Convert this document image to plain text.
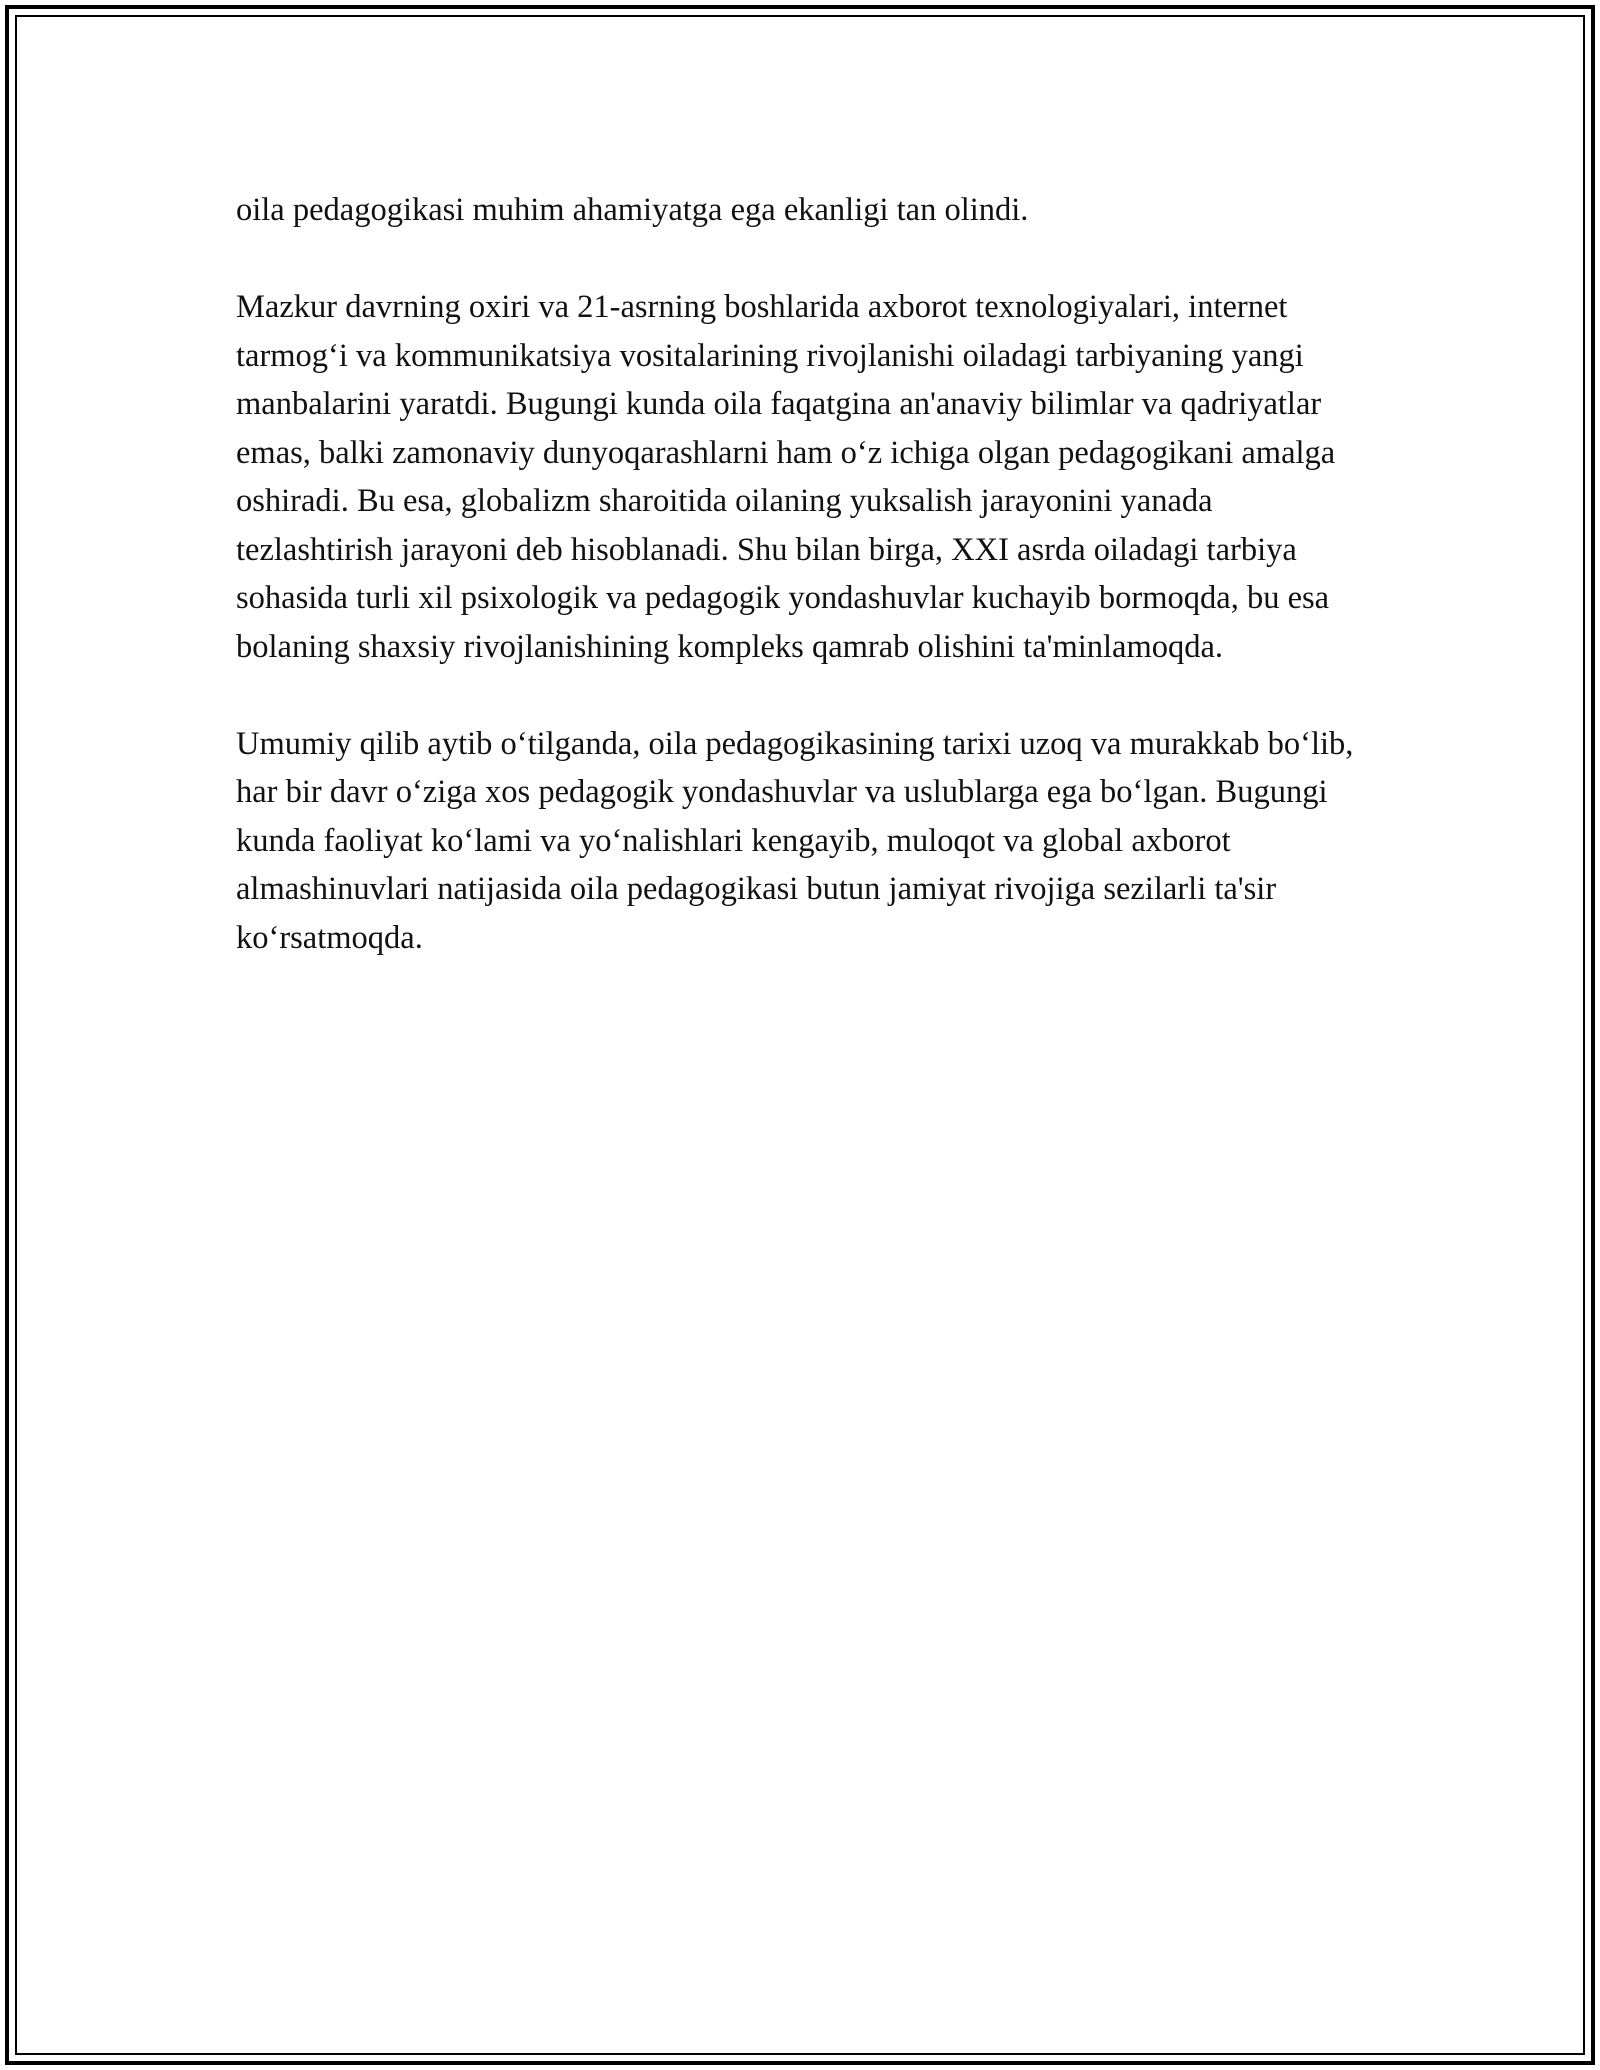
oila pedagogikasi muhim ahamiyatga ega ekanligi tan olindi.

Mazkur davrning oxiri va 21-asrning boshlarida axborot texnologiyalari, internet tarmog‘i va kommunikatsiya vositalarining rivojlanishi oiladagi tarbiyaning yangi manbalarini yaratdi. Bugungi kunda oila faqatgina an'anaviy bilimlar va qadriyatlar emas, balki zamonaviy dunyoqarashlarni ham o‘z ichiga olgan pedagogikani amalga oshiradi. Bu esa, globalizm sharoitida oilaning yuksalish jarayonini yanada tezlashtirish jarayoni deb hisoblanadi. Shu bilan birga, XXI asrda oiladagi tarbiya sohasida turli xil psixologik va pedagogik yondashuvlar kuchayib bormoqda, bu esa bolaning shaxsiy rivojlanishining kompleks qamrab olishini ta'minlamoqda.

Umumiy qilib aytib o‘tilganda, oila pedagogikasining tarixi uzoq va murakkab bo‘lib, har bir davr o‘ziga xos pedagogik yondashuvlar va uslublarga ega bo‘lgan. Bugungi kunda faoliyat ko‘lami va yo‘nalishlari kengayib, muloqot va global axborot almashinuvlari natijasida oila pedagogikasi butun jamiyat rivojiga sezilarli ta'sir ko‘rsatmoqda.
